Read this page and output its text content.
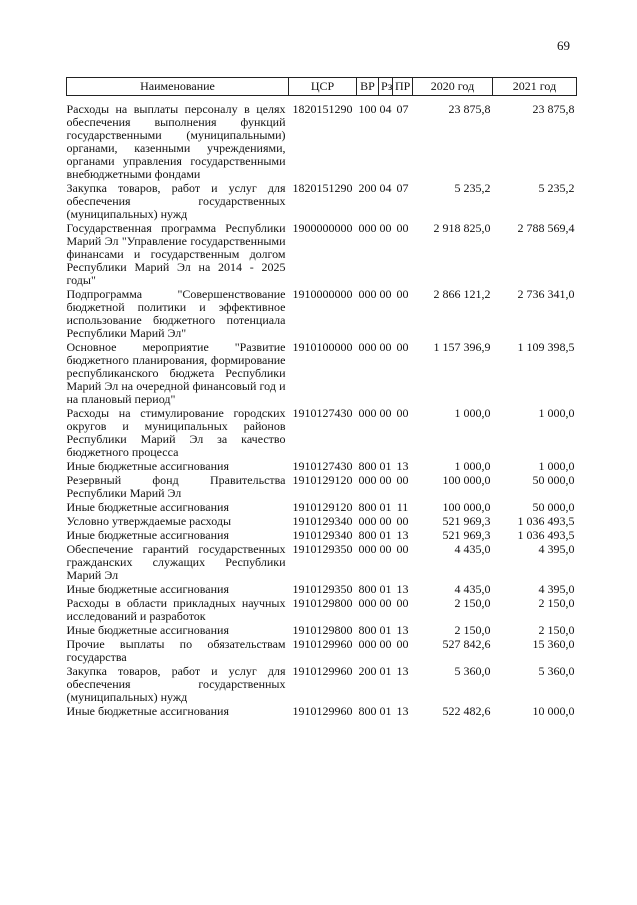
69
Наименование	ЦСР	ВР	Рз	ПР	2020 год	2021 год
Расходы на выплаты персоналу в целях обеспечения выполнения функций государственными (муниципальными) органами, казенными учреждениями, органами управления государственными внебюджетными фондами	1820151290	100	04	07	23 875,8	23 875,8
Закупка товаров, работ и услуг для обеспечения государственных (муниципальных) нужд	1820151290	200	04	07	5 235,2	5 235,2
Государственная программа Республики Марий Эл "Управление государственными финансами и государственным долгом Республики Марий Эл на 2014 - 2025 годы"	1900000000	000	00	00	2 918 825,0	2 788 569,4
Подпрограмма "Совершенствование бюджетной политики и эффективное использование бюджетного потенциала Республики Марий Эл"	1910000000	000	00	00	2 866 121,2	2 736 341,0
Основное мероприятие "Развитие бюджетного планирования, формирование республиканского бюджета Республики Марий Эл на очередной финансовый год и на плановый период"	1910100000	000	00	00	1 157 396,9	1 109 398,5
Расходы на стимулирование городских округов и муниципальных районов Республики Марий Эл за качество бюджетного процесса	1910127430	000	00	00	1 000,0	1 000,0
Иные бюджетные ассигнования	1910127430	800	01	13	1 000,0	1 000,0
Резервный фонд Правительства Республики Марий Эл	1910129120	000	00	00	100 000,0	50 000,0
Иные бюджетные ассигнования	1910129120	800	01	11	100 000,0	50 000,0
Условно утверждаемые расходы	1910129340	000	00	00	521 969,3	1 036 493,5
Иные бюджетные ассигнования	1910129340	800	01	13	521 969,3	1 036 493,5
Обеспечение гарантий государственных гражданских служащих Республики Марий Эл	1910129350	000	00	00	4 435,0	4 395,0
Иные бюджетные ассигнования	1910129350	800	01	13	4 435,0	4 395,0
Расходы в области прикладных научных исследований и разработок	1910129800	000	00	00	2 150,0	2 150,0
Иные бюджетные ассигнования	1910129800	800	01	13	2 150,0	2 150,0
Прочие выплаты по обязательствам государства	1910129960	000	00	00	527 842,6	15 360,0
Закупка товаров, работ и услуг для обеспечения государственных (муниципальных) нужд	1910129960	200	01	13	5 360,0	5 360,0
Иные бюджетные ассигнования	1910129960	800	01	13	522 482,6	10 000,0
